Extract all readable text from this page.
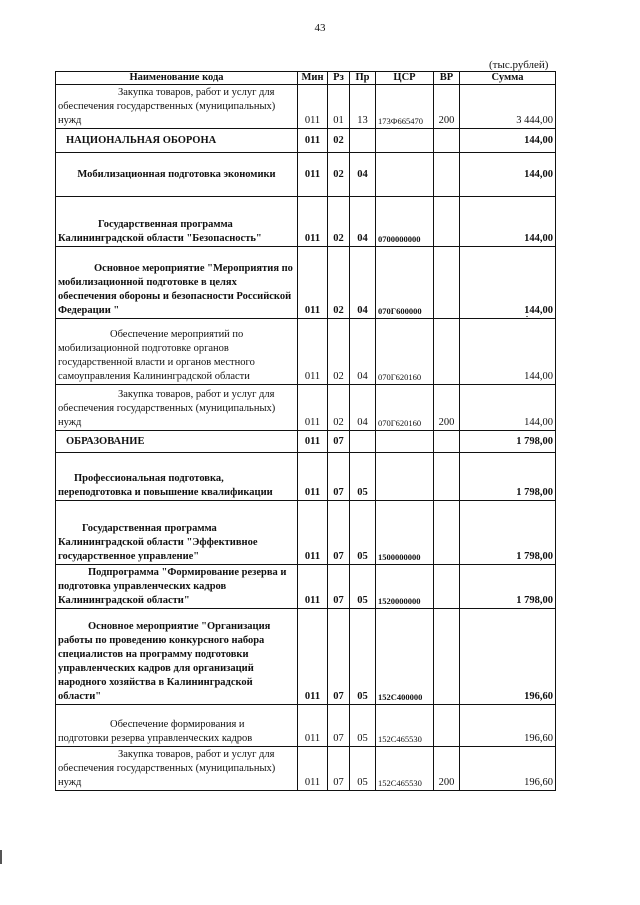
43
(тыс.рублей)
Наименование кода	Мин	Рз	Пр	ЦСР	ВР	Сумма
Закупка товаров, работ и услуг для обеспечения государственных (муниципальных) нужд	011	01	13	173Ф665470	200	3 444,00
НАЦИОНАЛЬНАЯ ОБОРОНА	011	02				144,00
Мобилизационная подготовка экономики	011	02	04			144,00
Государственная программа Калининградской области "Безопасность"	011	02	04	0700000000		144,00
Основное мероприятие "Мероприятия по мобилизационной подготовке в целях обеспечения обороны и безопасности Российской Федерации "	011	02	04	070Г600000		144,00
Обеспечение мероприятий по мобилизационной подготовке органов государственной власти и органов местного самоуправления Калининградской области	011	02	04	070Г620160		144,00
Закупка товаров, работ и услуг для обеспечения государственных (муниципальных) нужд	011	02	04	070Г620160	200	144,00
ОБРАЗОВАНИЕ	011	07				1 798,00
Профессиональная подготовка, переподготовка и повышение квалификации	011	07	05			1 798,00
Государственная программа Калининградской области "Эффективное государственное управление"	011	07	05	1500000000		1 798,00
Подпрограмма "Формирование резерва и подготовка управленческих кадров Калининградской области"	011	07	05	1520000000		1 798,00
Основное мероприятие "Организация работы по проведению конкурсного набора специалистов на программу подготовки управленческих кадров для организаций народного хозяйства в Калининградской области"	011	07	05	152С400000		196,60
Обеспечение формирования и подготовки резерва управленческих кадров	011	07	05	152С465530		196,60
Закупка товаров, работ и услуг для обеспечения государственных (муниципальных) нужд	011	07	05	152С465530	200	196,60
